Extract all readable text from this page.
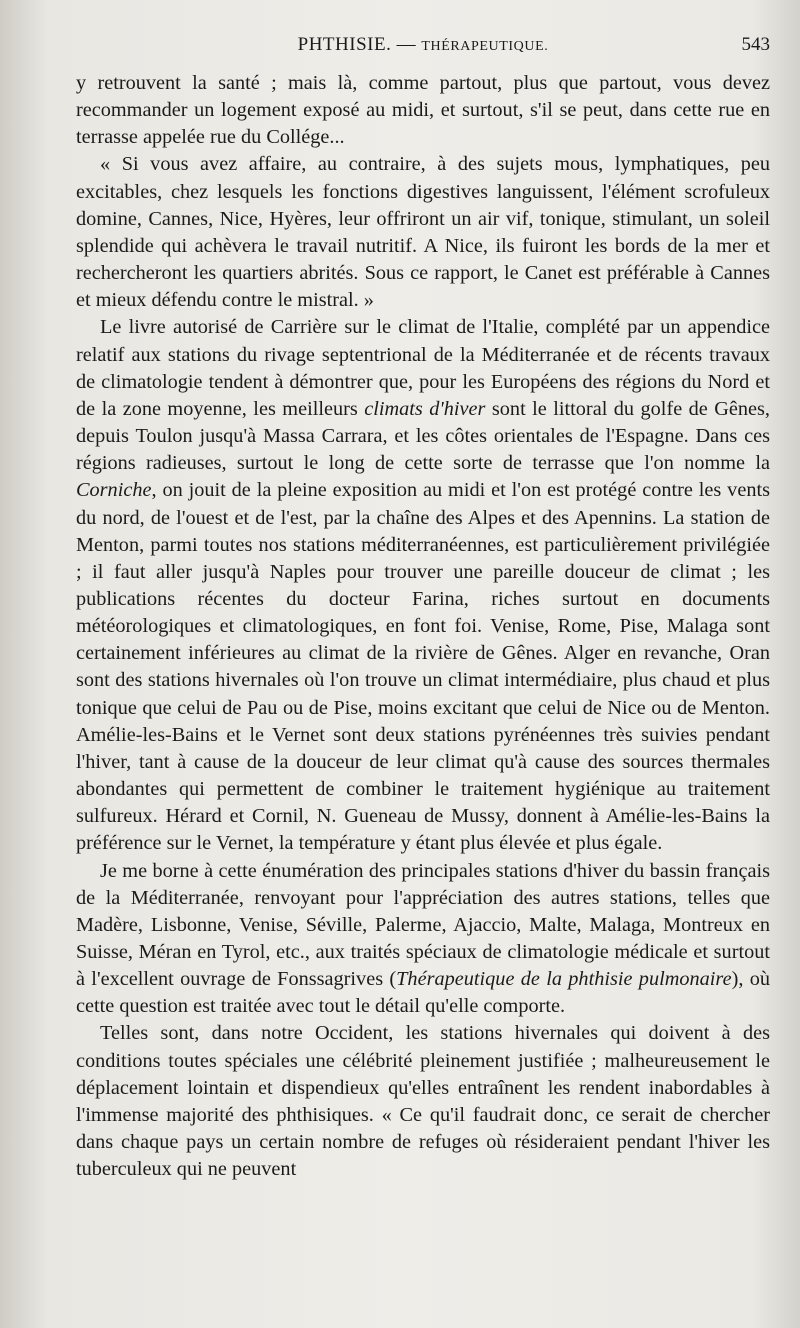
PHTHISIE. — THÉRAPEUTIQUE.	543

y retrouvent la santé ; mais là, comme partout, plus que partout, vous devez recommander un logement exposé au midi, et surtout, s'il se peut, dans cette rue en terrasse appelée rue du Collége...

« Si vous avez affaire, au contraire, à des sujets mous, lymphatiques, peu excitables, chez lesquels les fonctions digestives languissent, l'élément scrofuleux domine, Cannes, Nice, Hyères, leur offriront un air vif, tonique, stimulant, un soleil splendide qui achèvera le travail nutritif. A Nice, ils fuiront les bords de la mer et rechercheront les quartiers abrités. Sous ce rapport, le Canet est préférable à Cannes et mieux défendu contre le mistral. »

Le livre autorisé de Carrière sur le climat de l'Italie, complété par un appendice relatif aux stations du rivage septentrional de la Méditerranée et de récents travaux de climatologie tendent à démontrer que, pour les Européens des régions du Nord et de la zone moyenne, les meilleurs climats d'hiver sont le littoral du golfe de Gênes, depuis Toulon jusqu'à Massa Carrara, et les côtes orientales de l'Espagne. Dans ces régions radieuses, surtout le long de cette sorte de terrasse que l'on nomme la Corniche, on jouit de la pleine exposition au midi et l'on est protégé contre les vents du nord, de l'ouest et de l'est, par la chaîne des Alpes et des Apennins. La station de Menton, parmi toutes nos stations méditerranéennes, est particulièrement privilégiée ; il faut aller jusqu'à Naples pour trouver une pareille douceur de climat ; les publications récentes du docteur Farina, riches surtout en documents météorologiques et climatologiques, en font foi. Venise, Rome, Pise, Malaga sont certainement inférieures au climat de la rivière de Gênes. Alger en revanche, Oran sont des stations hivernales où l'on trouve un climat intermédiaire, plus chaud et plus tonique que celui de Pau ou de Pise, moins excitant que celui de Nice ou de Menton. Amélie-les-Bains et le Vernet sont deux stations pyrénéennes très suivies pendant l'hiver, tant à cause de la douceur de leur climat qu'à cause des sources thermales abondantes qui permettent de combiner le traitement hygiénique au traitement sulfureux. Hérard et Cornil, N. Gueneau de Mussy, donnent à Amélie-les-Bains la préférence sur le Vernet, la température y étant plus élevée et plus égale.

Je me borne à cette énumération des principales stations d'hiver du bassin français de la Méditerranée, renvoyant pour l'appréciation des autres stations, telles que Madère, Lisbonne, Venise, Séville, Palerme, Ajaccio, Malte, Malaga, Montreux en Suisse, Méran en Tyrol, etc., aux traités spéciaux de climatologie médicale et surtout à l'excellent ouvrage de Fonssagrives (Thérapeutique de la phthisie pulmonaire), où cette question est traitée avec tout le détail qu'elle comporte.

Telles sont, dans notre Occident, les stations hivernales qui doivent à des conditions toutes spéciales une célébrité pleinement justifiée ; malheureusement le déplacement lointain et dispendieux qu'elles entraînent les rendent inabordables à l'immense majorité des phthisiques. « Ce qu'il faudrait donc, ce serait de chercher dans chaque pays un certain nombre de refuges où résideraient pendant l'hiver les tuberculeux qui ne peuvent
